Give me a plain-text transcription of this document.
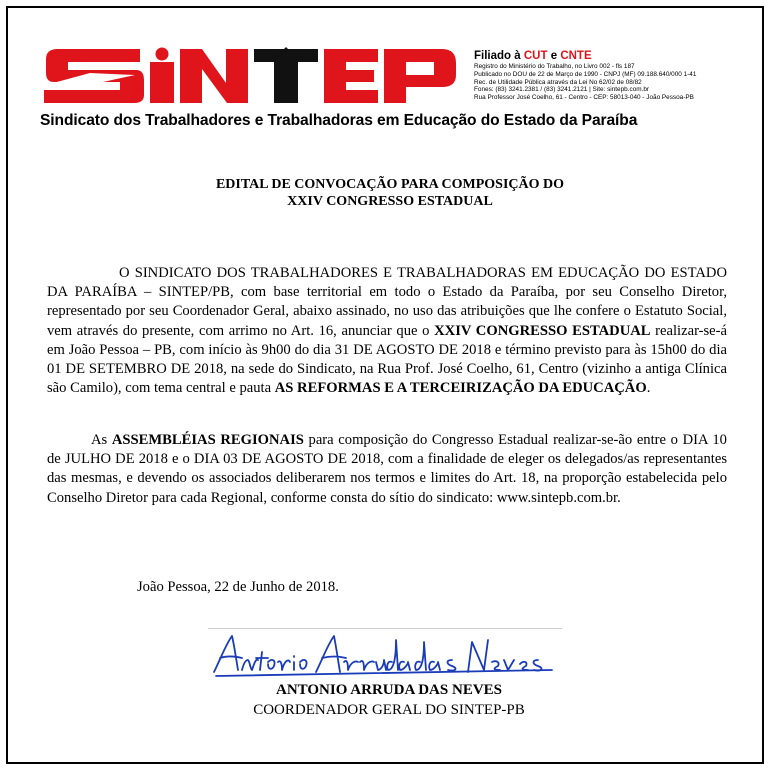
Filiado à CUT e CNTE
Registro do Ministério do Trabalho, no Livro 002 - fls 187
Publicado no DOU de 22 de Março de 1990 - CNPJ (MF) 09.188.640/000 1-41
Rec. de Utilidade Pública através da Lei No 62/02 de 08/82
Fones: (83) 3241.2381 / (83) 3241.2121 | Site: sintepb.com.br
Rua Professor José Coelho, 61 - Centro - CEP: 58013-040 - João Pessoa-PB
Sindicato dos Trabalhadores e Trabalhadoras em Educação do Estado da Paraíba
EDITAL DE CONVOCAÇÃO PARA COMPOSIÇÃO DO
XXIV CONGRESSO ESTADUAL
O SINDICATO DOS TRABALHADORES E TRABALHADORAS EM EDUCAÇÃO DO ESTADO DA PARAÍBA – SINTEP/PB, com base territorial em todo o Estado da Paraíba, por seu Conselho Diretor, representado por seu Coordenador Geral, abaixo assinado, no uso das atribuições que lhe confere o Estatuto Social, vem através do presente, com arrimo no Art. 16, anunciar que o XXIV CONGRESSO ESTADUAL realizar-se-á em João Pessoa – PB, com início às 9h00 do dia 31 DE AGOSTO DE 2018 e término previsto para às 15h00 do dia 01 DE SETEMBRO DE 2018, na sede do Sindicato, na Rua Prof. José Coelho, 61, Centro (vizinho a antiga Clínica são Camilo), com tema central e pauta AS REFORMAS E A TERCEIRIZAÇÃO DA EDUCAÇÃO.
As ASSEMBLÉIAS REGIONAIS para composição do Congresso Estadual realizar-se-ão entre o DIA 10 de JULHO DE 2018 e o DIA 03 DE AGOSTO DE 2018, com a finalidade de eleger os delegados/as representantes das mesmas, e devendo os associados deliberarem nos termos e limites do Art. 18, na proporção estabelecida pelo Conselho Diretor para cada Regional, conforme consta do sítio do sindicato: www.sintepb.com.br.
João Pessoa, 22 de Junho de 2018.
ANTONIO ARRUDA DAS NEVES
COORDENADOR GERAL DO SINTEP-PB
